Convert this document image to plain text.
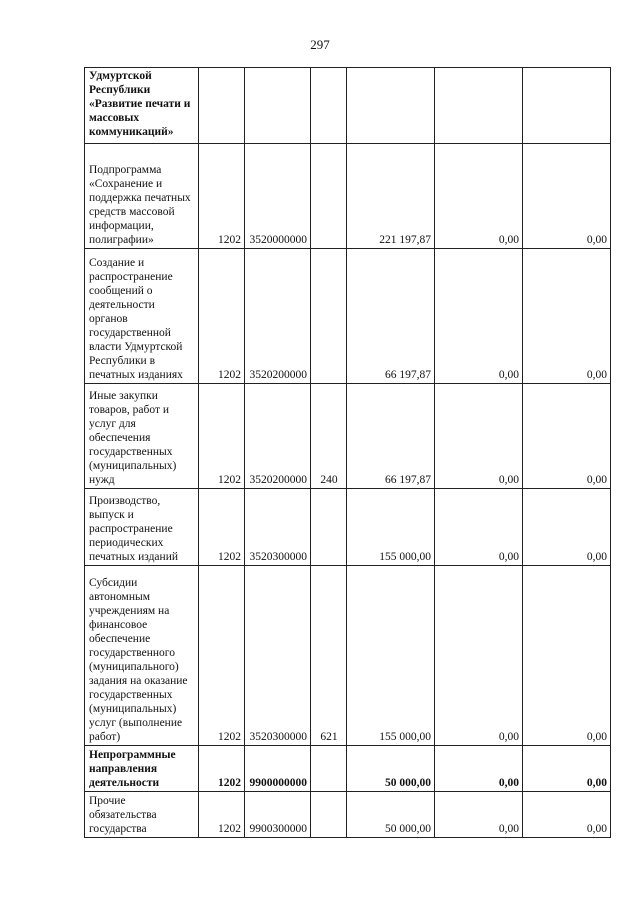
297
Удмуртской Республики «Развитие печати и массовых коммуникаций»						
Подпрограмма «Сохранение и поддержка печатных средств массовой информации, полиграфии»	1202	3520000000		221 197,87	0,00	0,00
Создание и распространение сообщений о деятельности органов государственной власти Удмуртской Республики в печатных изданиях	1202	3520200000		66 197,87	0,00	0,00
Иные закупки товаров, работ и услуг для обеспечения государственных (муниципальных) нужд	1202	3520200000	240	66 197,87	0,00	0,00
Производство, выпуск и распространение периодических печатных изданий	1202	3520300000		155 000,00	0,00	0,00
Субсидии автономным учреждениям на финансовое обеспечение государственного (муниципального) задания на оказание государственных (муниципальных) услуг (выполнение работ)	1202	3520300000	621	155 000,00	0,00	0,00
Непрограммные направления деятельности	1202	9900000000		50 000,00	0,00	0,00
Прочие обязательства государства	1202	9900300000		50 000,00	0,00	0,00
